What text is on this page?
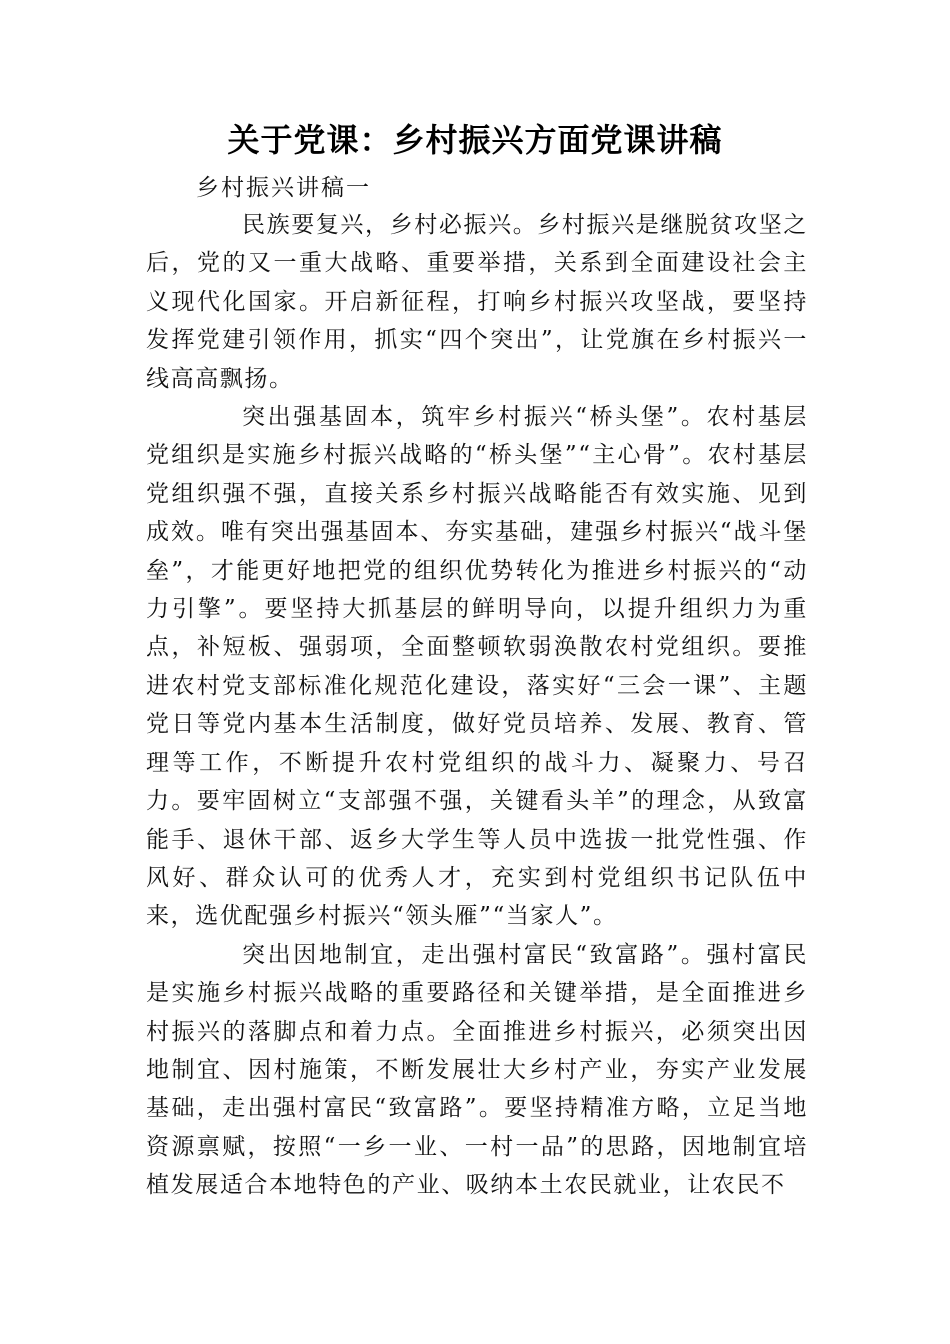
关于党课：乡村振兴方面党课讲稿

乡村振兴讲稿一

民族要复兴，乡村必振兴。乡村振兴是继脱贫攻坚之后，党的又一重大战略、重要举措，关系到全面建设社会主义现代化国家。开启新征程，打响乡村振兴攻坚战，要坚持发挥党建引领作用，抓实“四个突出”，让党旗在乡村振兴一线高高飘扬。

突出强基固本，筑牢乡村振兴“桥头堡”。农村基层党组织是实施乡村振兴战略的“桥头堡”“主心骨”。农村基层党组织强不强，直接关系乡村振兴战略能否有效实施、见到成效。唯有突出强基固本、夯实基础，建强乡村振兴“战斗堡垒”，才能更好地把党的组织优势转化为推进乡村振兴的“动力引擎”。要坚持大抓基层的鲜明导向，以提升组织力为重点，补短板、强弱项，全面整顿软弱涣散农村党组织。要推进农村党支部标准化规范化建设，落实好“三会一课”、主题党日等党内基本生活制度，做好党员培养、发展、教育、管理等工作，不断提升农村党组织的战斗力、凝聚力、号召力。要牢固树立“支部强不强，关键看头羊”的理念，从致富能手、退休干部、返乡大学生等人员中选拔一批党性强、作风好、群众认可的优秀人才，充实到村党组织书记队伍中来，选优配强乡村振兴“领头雁”“当家人”。

突出因地制宜，走出强村富民“致富路”。强村富民是实施乡村振兴战略的重要路径和关键举措，是全面推进乡村振兴的落脚点和着力点。全面推进乡村振兴，必须突出因地制宜、因村施策，不断发展壮大乡村产业，夯实产业发展基础，走出强村富民“致富路”。要坚持精准方略，立足当地资源禀赋，按照“一乡一业、一村一品”的思路，因地制宜培植发展适合本地特色的产业、吸纳本土农民就业，让农民不
